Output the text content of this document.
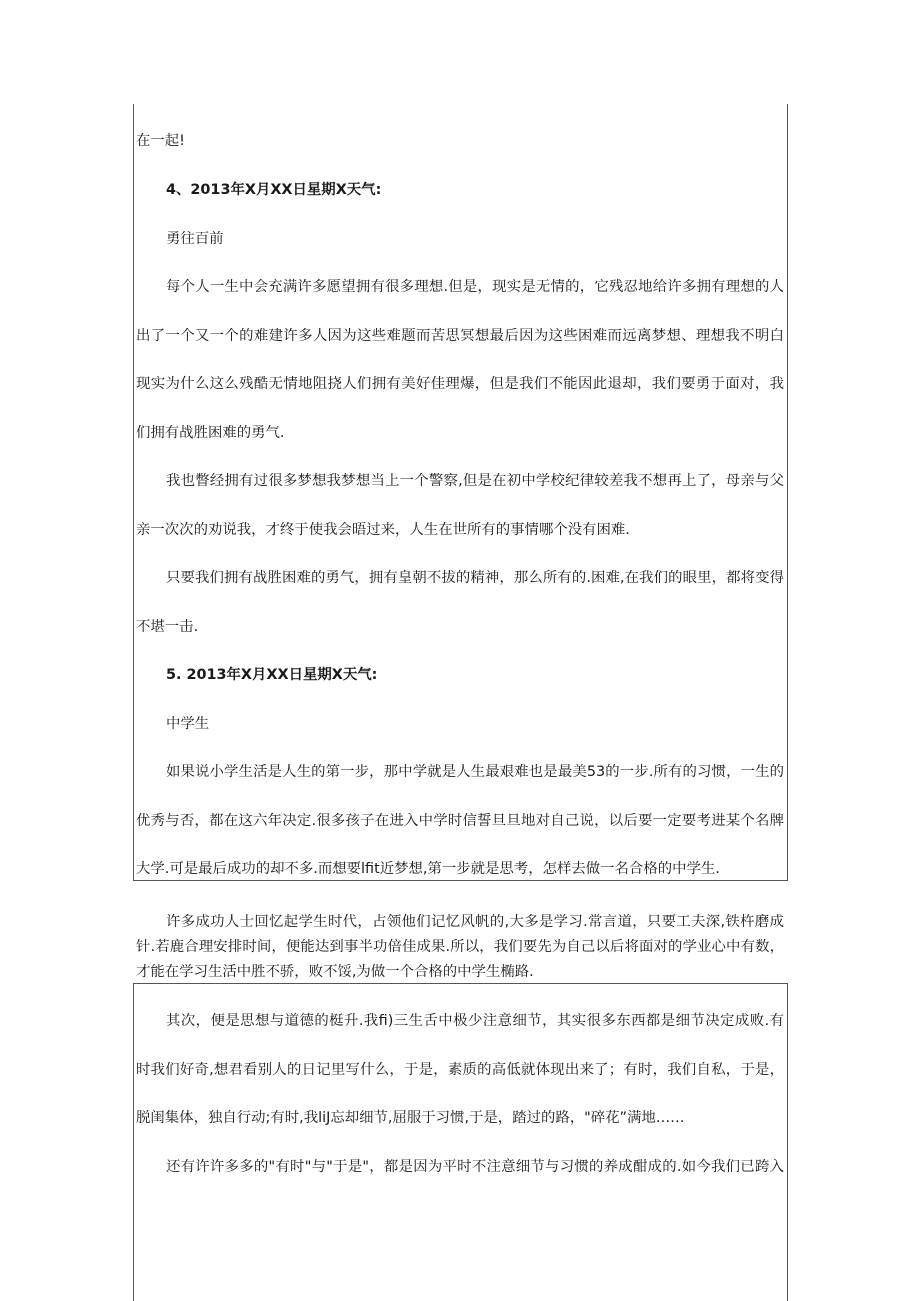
在一起!

4、2013年X月XX日星期X天气:

勇往百前

每个人一生中会充满许多愿望拥有很多理想.但是，现实是无情的，它残忍地给许多拥有理想的人

出了一个又一个的难建许多人因为这些难题而苦思冥想最后因为这些困难而远离梦想、理想我不明白

现实为什么这么残酷无情地阻挠人们拥有美好佳理爆，但是我们不能因此退却，我们要勇于面对，我

们拥有战胜困难的勇气.

我也瞥经拥有过很多梦想我梦想当上一个警察,但是在初中学校纪律较差我不想再上了，母亲与父

亲一次次的劝说我，才终于使我会晤过来，人生在世所有的事情哪个没有困难.

只要我们拥有战胜困难的勇气，拥有皇朝不拔的精神，那么所有的.困难,在我们的眼里，都将变得

不堪一击.

5. 2013年X月XX日星期X天气:

中学生

如果说小学生活是人生的第一步，那中学就是人生最艰难也是最美53的一步.所有的习惯，一生的

优秀与否，都在这六年决定.很多孩子在进入中学时信誓旦旦地对自己说，以后要一定要考进某个名牌

大学.可是最后成功的却不多.而想要lfit近梦想,第一步就是思考，怎样去做一名合格的中学生.

许多成功人士回忆起学生时代，占领他们记忆风帆的,大多是学习.常言道，只要工夫深,铁杵磨成

针.若鹿合理安排时间，便能达到事半功倍佳成果.所以，我们要先为自己以后将面对的学业心中有数，

才能在学习生活中胜不骄，败不馁,为做一个合格的中学生椭路.

其次，便是思想与道德的梃升.我fi)三生舌中极少注意细节，其实很多东西都是细节决定成败.有

时我们好奇,想君看别人的日记里写什么，于是，素质的高低就体现出来了；有时，我们自私，于是，

脱闺集体，独自行动;有时,我liJ忘却细节,屈服于习惯,于是，踏过的路，"碎花”满地……

还有许许多多的"有时"与"于是"，都是因为平时不注意细节与习惯的养成酣成的.如今我们已跨入
